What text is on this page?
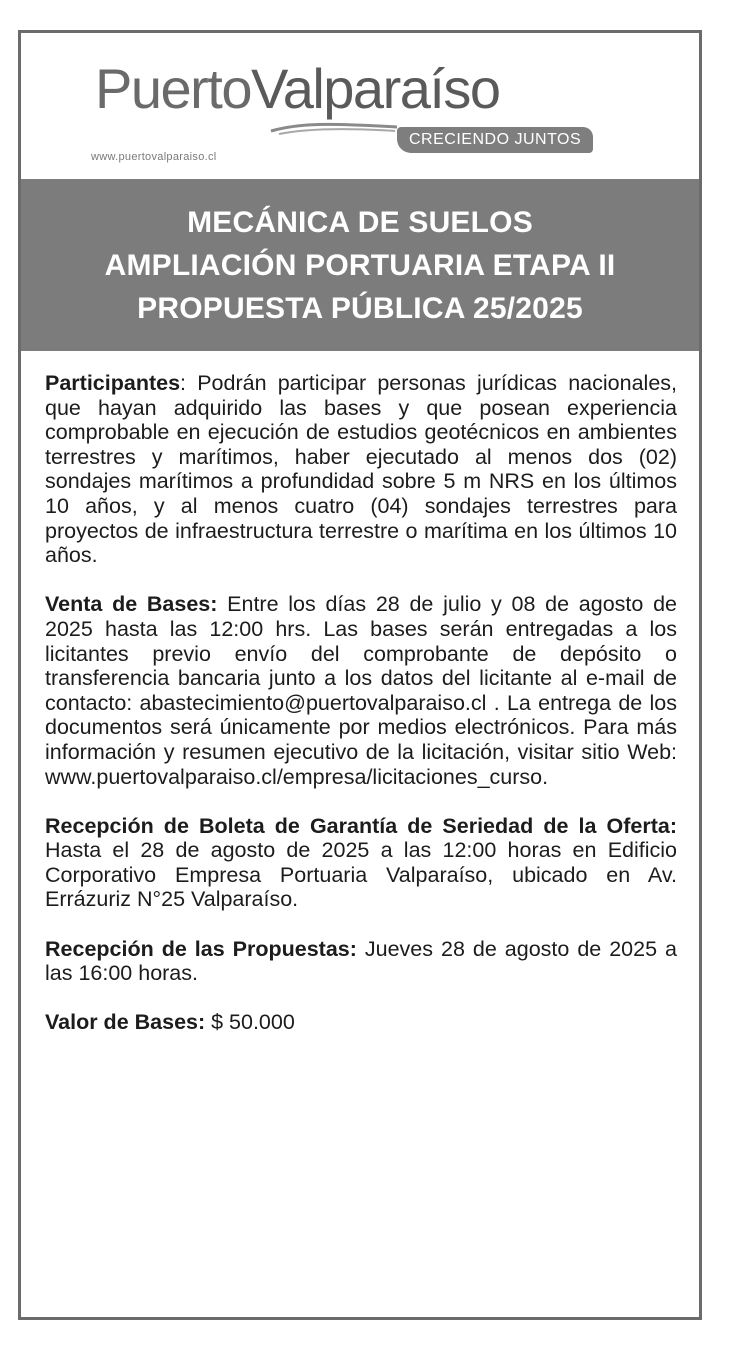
PuertoValparaíso
CRECIENDO JUNTOS
www.puertovalparaiso.cl
MECÁNICA DE SUELOS
AMPLIACIÓN PORTUARIA ETAPA II
PROPUESTA PÚBLICA 25/2025

Participantes: Podrán participar personas jurídicas nacionales, que hayan adquirido las bases y que posean experiencia comprobable en ejecución de estudios geotécnicos en ambientes terrestres y marítimos, haber ejecutado al menos dos (02) sondajes marítimos a profundidad sobre 5 m NRS en los últimos 10 años, y al menos cuatro (04) sondajes terrestres para proyectos de infraestructura terrestre o marítima en los últimos 10 años.

Venta de Bases: Entre los días 28 de julio y 08 de agosto de 2025 hasta las 12:00 hrs. Las bases serán entregadas a los licitantes previo envío del comprobante de depósito o transferencia bancaria junto a los datos del licitante al e-mail de contacto: abastecimiento@puertovalparaiso.cl . La entrega de los documentos será únicamente por medios electrónicos. Para más información y resumen ejecutivo de la licitación, visitar sitio Web: www.puertovalparaiso.cl/empresa/licitaciones_curso.

Recepción de Boleta de Garantía de Seriedad de la Oferta: Hasta el 28 de agosto de 2025 a las 12:00 horas en Edificio Corporativo Empresa Portuaria Valparaíso, ubicado en Av. Errázuriz N°25 Valparaíso.

Recepción de las Propuestas: Jueves 28 de agosto de 2025 a las 16:00 horas.

Valor de Bases: $ 50.000
